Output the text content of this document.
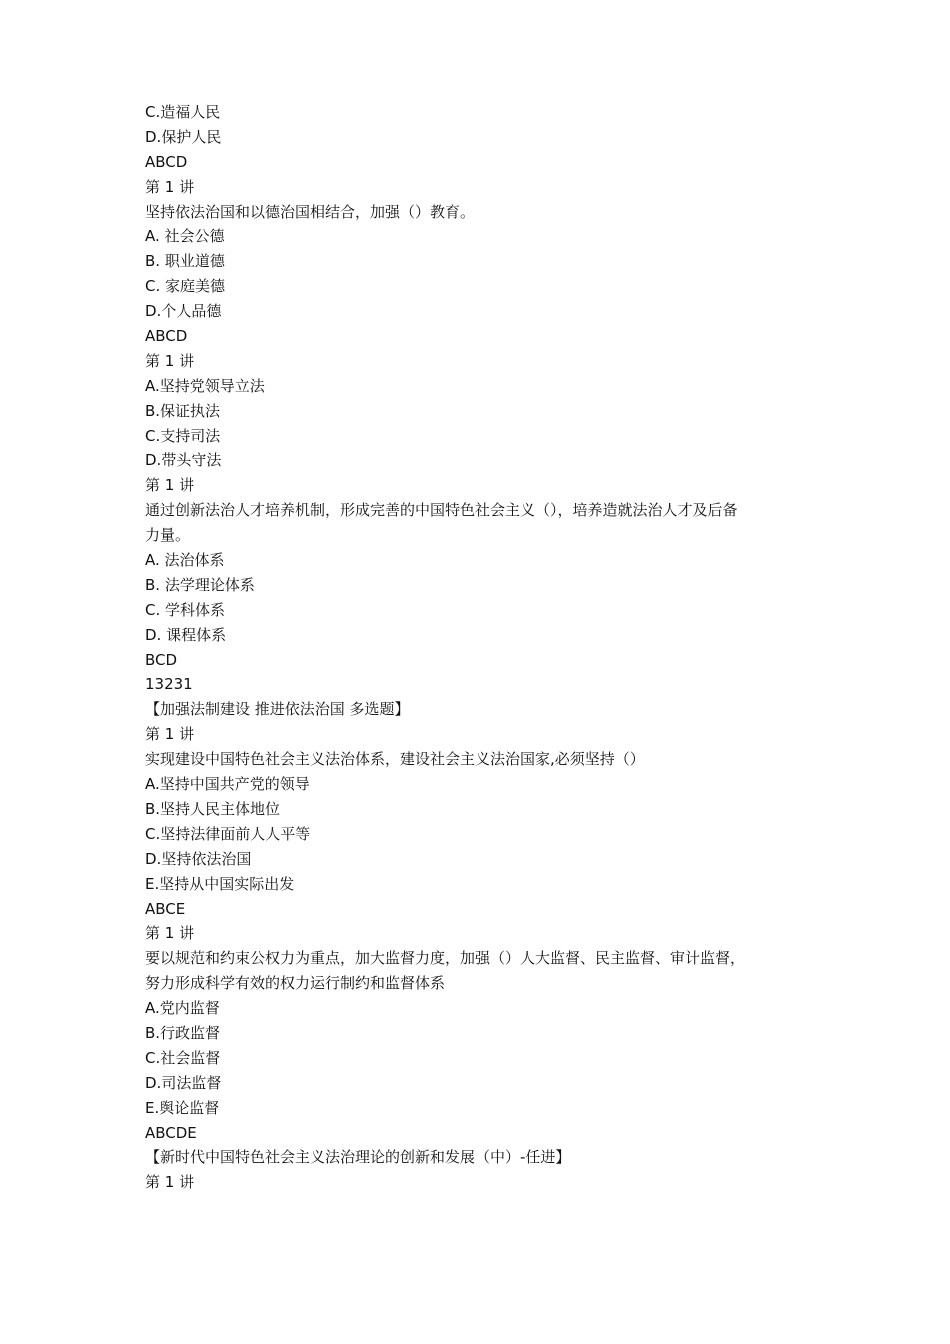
C.造福人民
D.保护人民
ABCD
第 1 讲
坚持依法治国和以德治国相结合，加强（）教育。
A. 社会公德
B. 职业道德
C. 家庭美德
D.个人品德
ABCD
第 1 讲
A.坚持党领导立法
B.保证执法
C.支持司法
D.带头守法
第 1 讲
通过创新法治人才培养机制，形成完善的中国特色社会主义（），培养造就法治人才及后备
力量。
A. 法治体系
B. 法学理论体系
C. 学科体系
D. 课程体系
BCD
13231
【加强法制建设 推进依法治国 多选题】
第 1 讲
实现建设中国特色社会主义法治体系，建设社会主义法治国家,必须坚持（）
A.坚持中国共产党的领导
B.坚持人民主体地位
C.坚持法律面前人人平等
D.坚持依法治国
E.坚持从中国实际出发
ABCE
第 1 讲
要以规范和约束公权力为重点，加大监督力度，加强（）人大监督、民主监督、审计监督，
努力形成科学有效的权力运行制约和监督体系
A.党内监督
B.行政监督
C.社会监督
D.司法监督
E.舆论监督
ABCDE
【新时代中国特色社会主义法治理论的创新和发展（中）-任进】
第 1 讲
